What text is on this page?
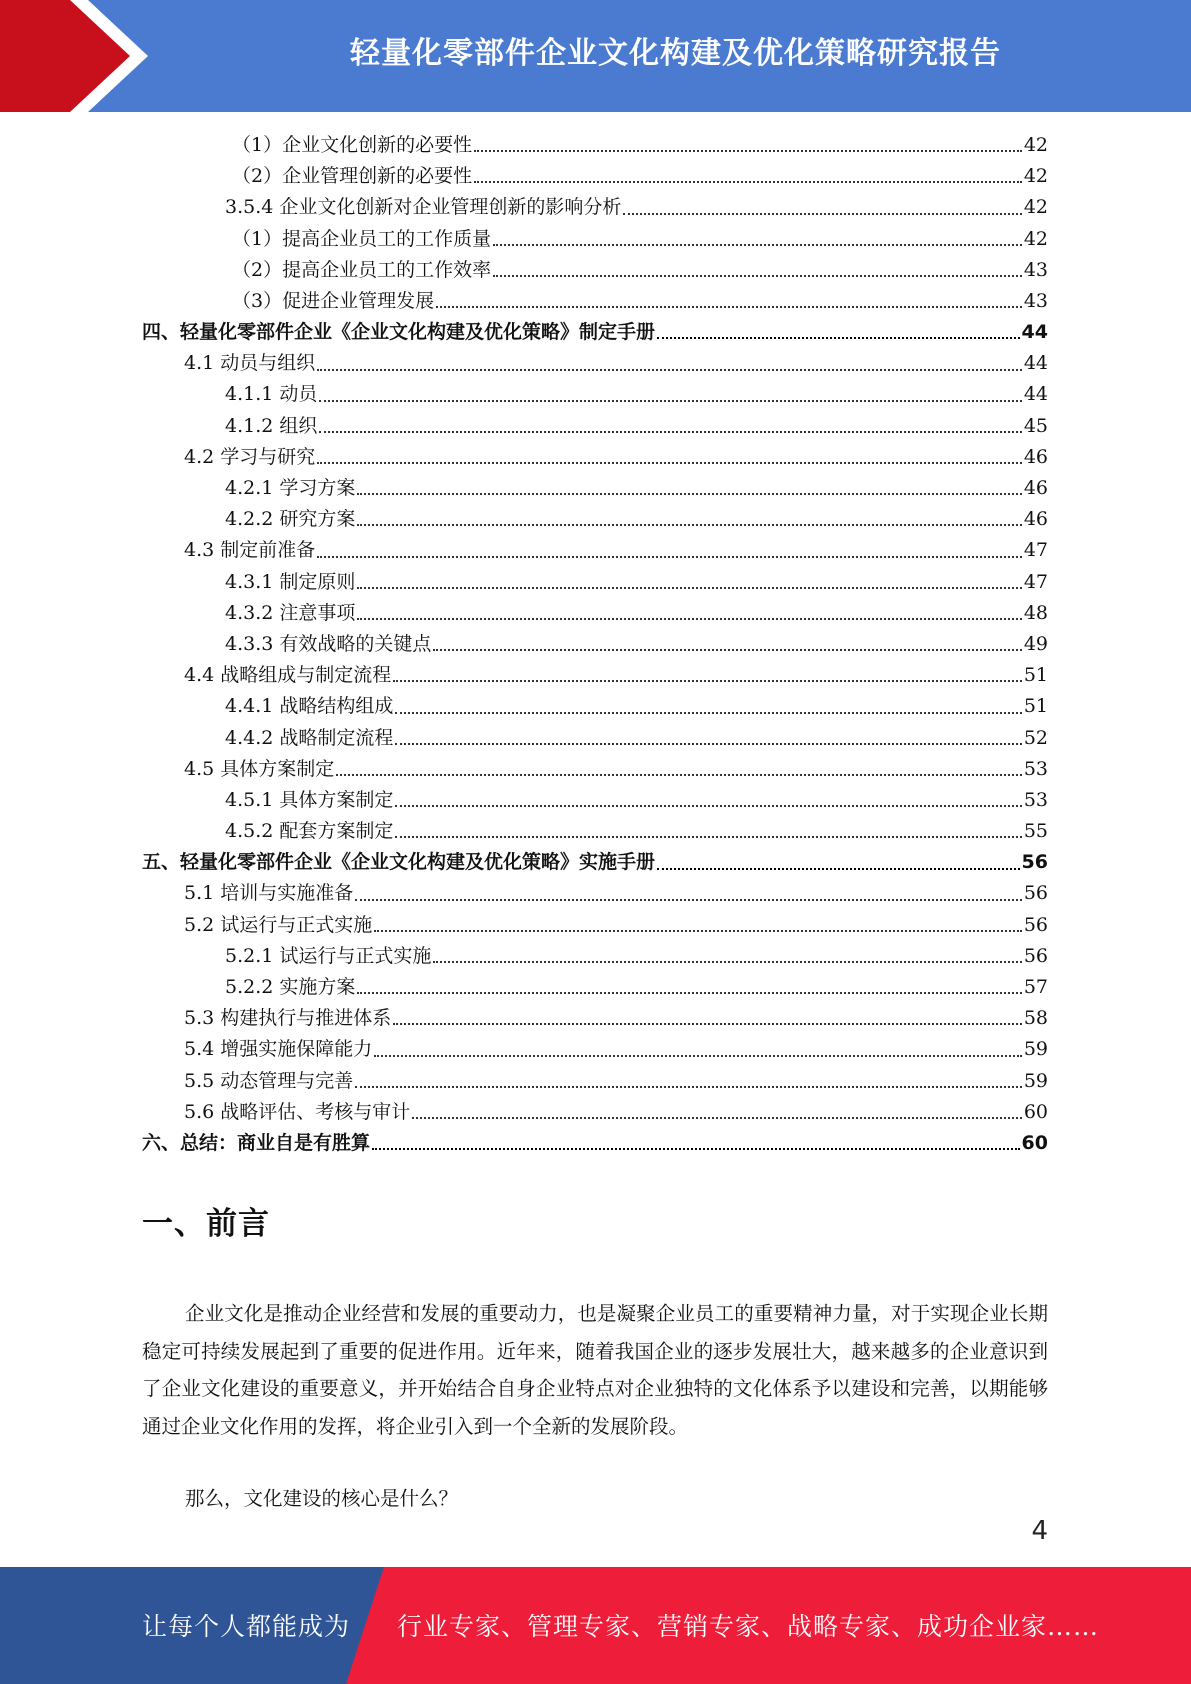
轻量化零部件企业文化构建及优化策略研究报告
（1）企业文化创新的必要性	42
（2）企业管理创新的必要性	42
3.5.4 企业文化创新对企业管理创新的影响分析	42
（1）提高企业员工的工作质量	42
（2）提高企业员工的工作效率	43
（3）促进企业管理发展	43
四、轻量化零部件企业《企业文化构建及优化策略》制定手册	44
4.1 动员与组织	44
4.1.1 动员	44
4.1.2 组织	45
4.2 学习与研究	46
4.2.1 学习方案	46
4.2.2 研究方案	46
4.3 制定前准备	47
4.3.1 制定原则	47
4.3.2 注意事项	48
4.3.3 有效战略的关键点	49
4.4 战略组成与制定流程	51
4.4.1 战略结构组成	51
4.4.2 战略制定流程	52
4.5 具体方案制定	53
4.5.1 具体方案制定	53
4.5.2 配套方案制定	55
五、轻量化零部件企业《企业文化构建及优化策略》实施手册	56
5.1 培训与实施准备	56
5.2 试运行与正式实施	56
5.2.1 试运行与正式实施	56
5.2.2 实施方案	57
5.3 构建执行与推进体系	58
5.4 增强实施保障能力	59
5.5 动态管理与完善	59
5.6 战略评估、考核与审计	60
六、总结：商业自是有胜算	60
一、前言
企业文化是推动企业经营和发展的重要动力，也是凝聚企业员工的重要精神力量，对于实现企业长期稳定可持续发展起到了重要的促进作用。近年来，随着我国企业的逐步发展壮大，越来越多的企业意识到了企业文化建设的重要意义，并开始结合自身企业特点对企业独特的文化体系予以建设和完善，以期能够通过企业文化作用的发挥，将企业引入到一个全新的发展阶段。
那么，文化建设的核心是什么？
4
让每个人都能成为 行业专家、管理专家、营销专家、战略专家、成功企业家……
